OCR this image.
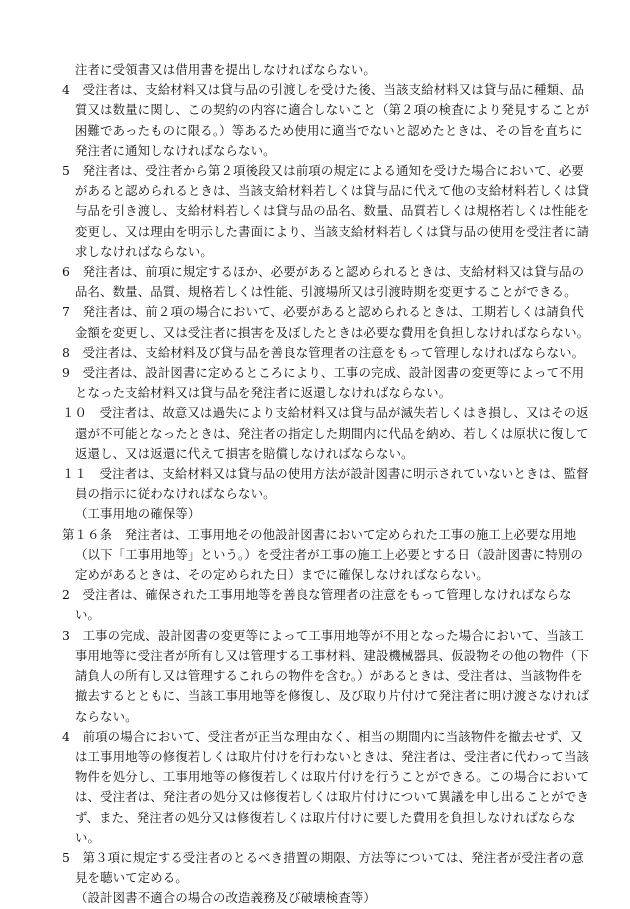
注者に受領書又は借用書を提出しなければならない。

4　受注者は、支給材料又は貸与品の引渡しを受けた後、当該支給材料又は貸与品に種類、品質又は数量に関し、この契約の内容に適合しないこと（第２項の検査により発見することが困難であったものに限る。）等あるため使用に適当でないと認めたときは、その旨を直ちに発注者に通知しなければならない。

5　発注者は、受注者から第２項後段又は前項の規定による通知を受けた場合において、必要があると認められるときは、当該支給材料若しくは貸与品に代えて他の支給材料若しくは貸与品を引き渡し、支給材料若しくは貸与品の品名、数量、品質若しくは規格若しくは性能を変更し、又は理由を明示した書面により、当該支給材料若しくは貸与品の使用を受注者に請求しなければならない。

6　発注者は、前項に規定するほか、必要があると認められるときは、支給材料又は貸与品の品名、数量、品質、規格若しくは性能、引渡場所又は引渡時期を変更することができる。

7　発注者は、前２項の場合において、必要があると認められるときは、工期若しくは請負代金額を変更し、又は受注者に損害を及ぼしたときは必要な費用を負担しなければならない。

8　受注者は、支給材料及び貸与品を善良な管理者の注意をもって管理しなければならない。

9　受注者は、設計図書に定めるところにより、工事の完成、設計図書の変更等によって不用となった支給材料又は貸与品を発注者に返還しなければならない。

１０　受注者は、故意又は過失により支給材料又は貸与品が滅失若しくはき損し、又はその返還が不可能となったときは、発注者の指定した期間内に代品を納め、若しくは原状に復して返還し、又は返還に代えて損害を賠償しなければならない。

１１　受注者は、支給材料又は貸与品の使用方法が設計図書に明示されていないときは、監督員の指示に従わなければならない。

（工事用地の確保等）

第１６条　発注者は、工事用地その他設計図書において定められた工事の施工上必要な用地（以下「工事用地等」という。）を受注者が工事の施工上必要とする日（設計図書に特別の定めがあるときは、その定められた日）までに確保しなければならない。

2　受注者は、確保された工事用地等を善良な管理者の注意をもって管理しなければならない。

3　工事の完成、設計図書の変更等によって工事用地等が不用となった場合において、当該工事用地等に受注者が所有し又は管理する工事材料、建設機械器具、仮設物その他の物件（下請負人の所有し又は管理するこれらの物件を含む。）があるときは、受注者は、当該物件を撤去するとともに、当該工事用地等を修復し、及び取り片付けて発注者に明け渡さなければならない。

4　前項の場合において、受注者が正当な理由なく、相当の期間内に当該物件を撤去せず、又は工事用地等の修復若しくは取片付けを行わないときは、発注者は、受注者に代わって当該物件を処分し、工事用地等の修復若しくは取片付けを行うことができる。この場合においては、受注者は、発注者の処分又は修復若しくは取片付けについて異議を申し出ることができず、また、発注者の処分又は修復若しくは取片付けに要した費用を負担しなければならない。

5　第３項に規定する受注者のとるべき措置の期限、方法等については、発注者が受注者の意見を聴いて定める。

（設計図書不適合の場合の改造義務及び破壊検査等）
